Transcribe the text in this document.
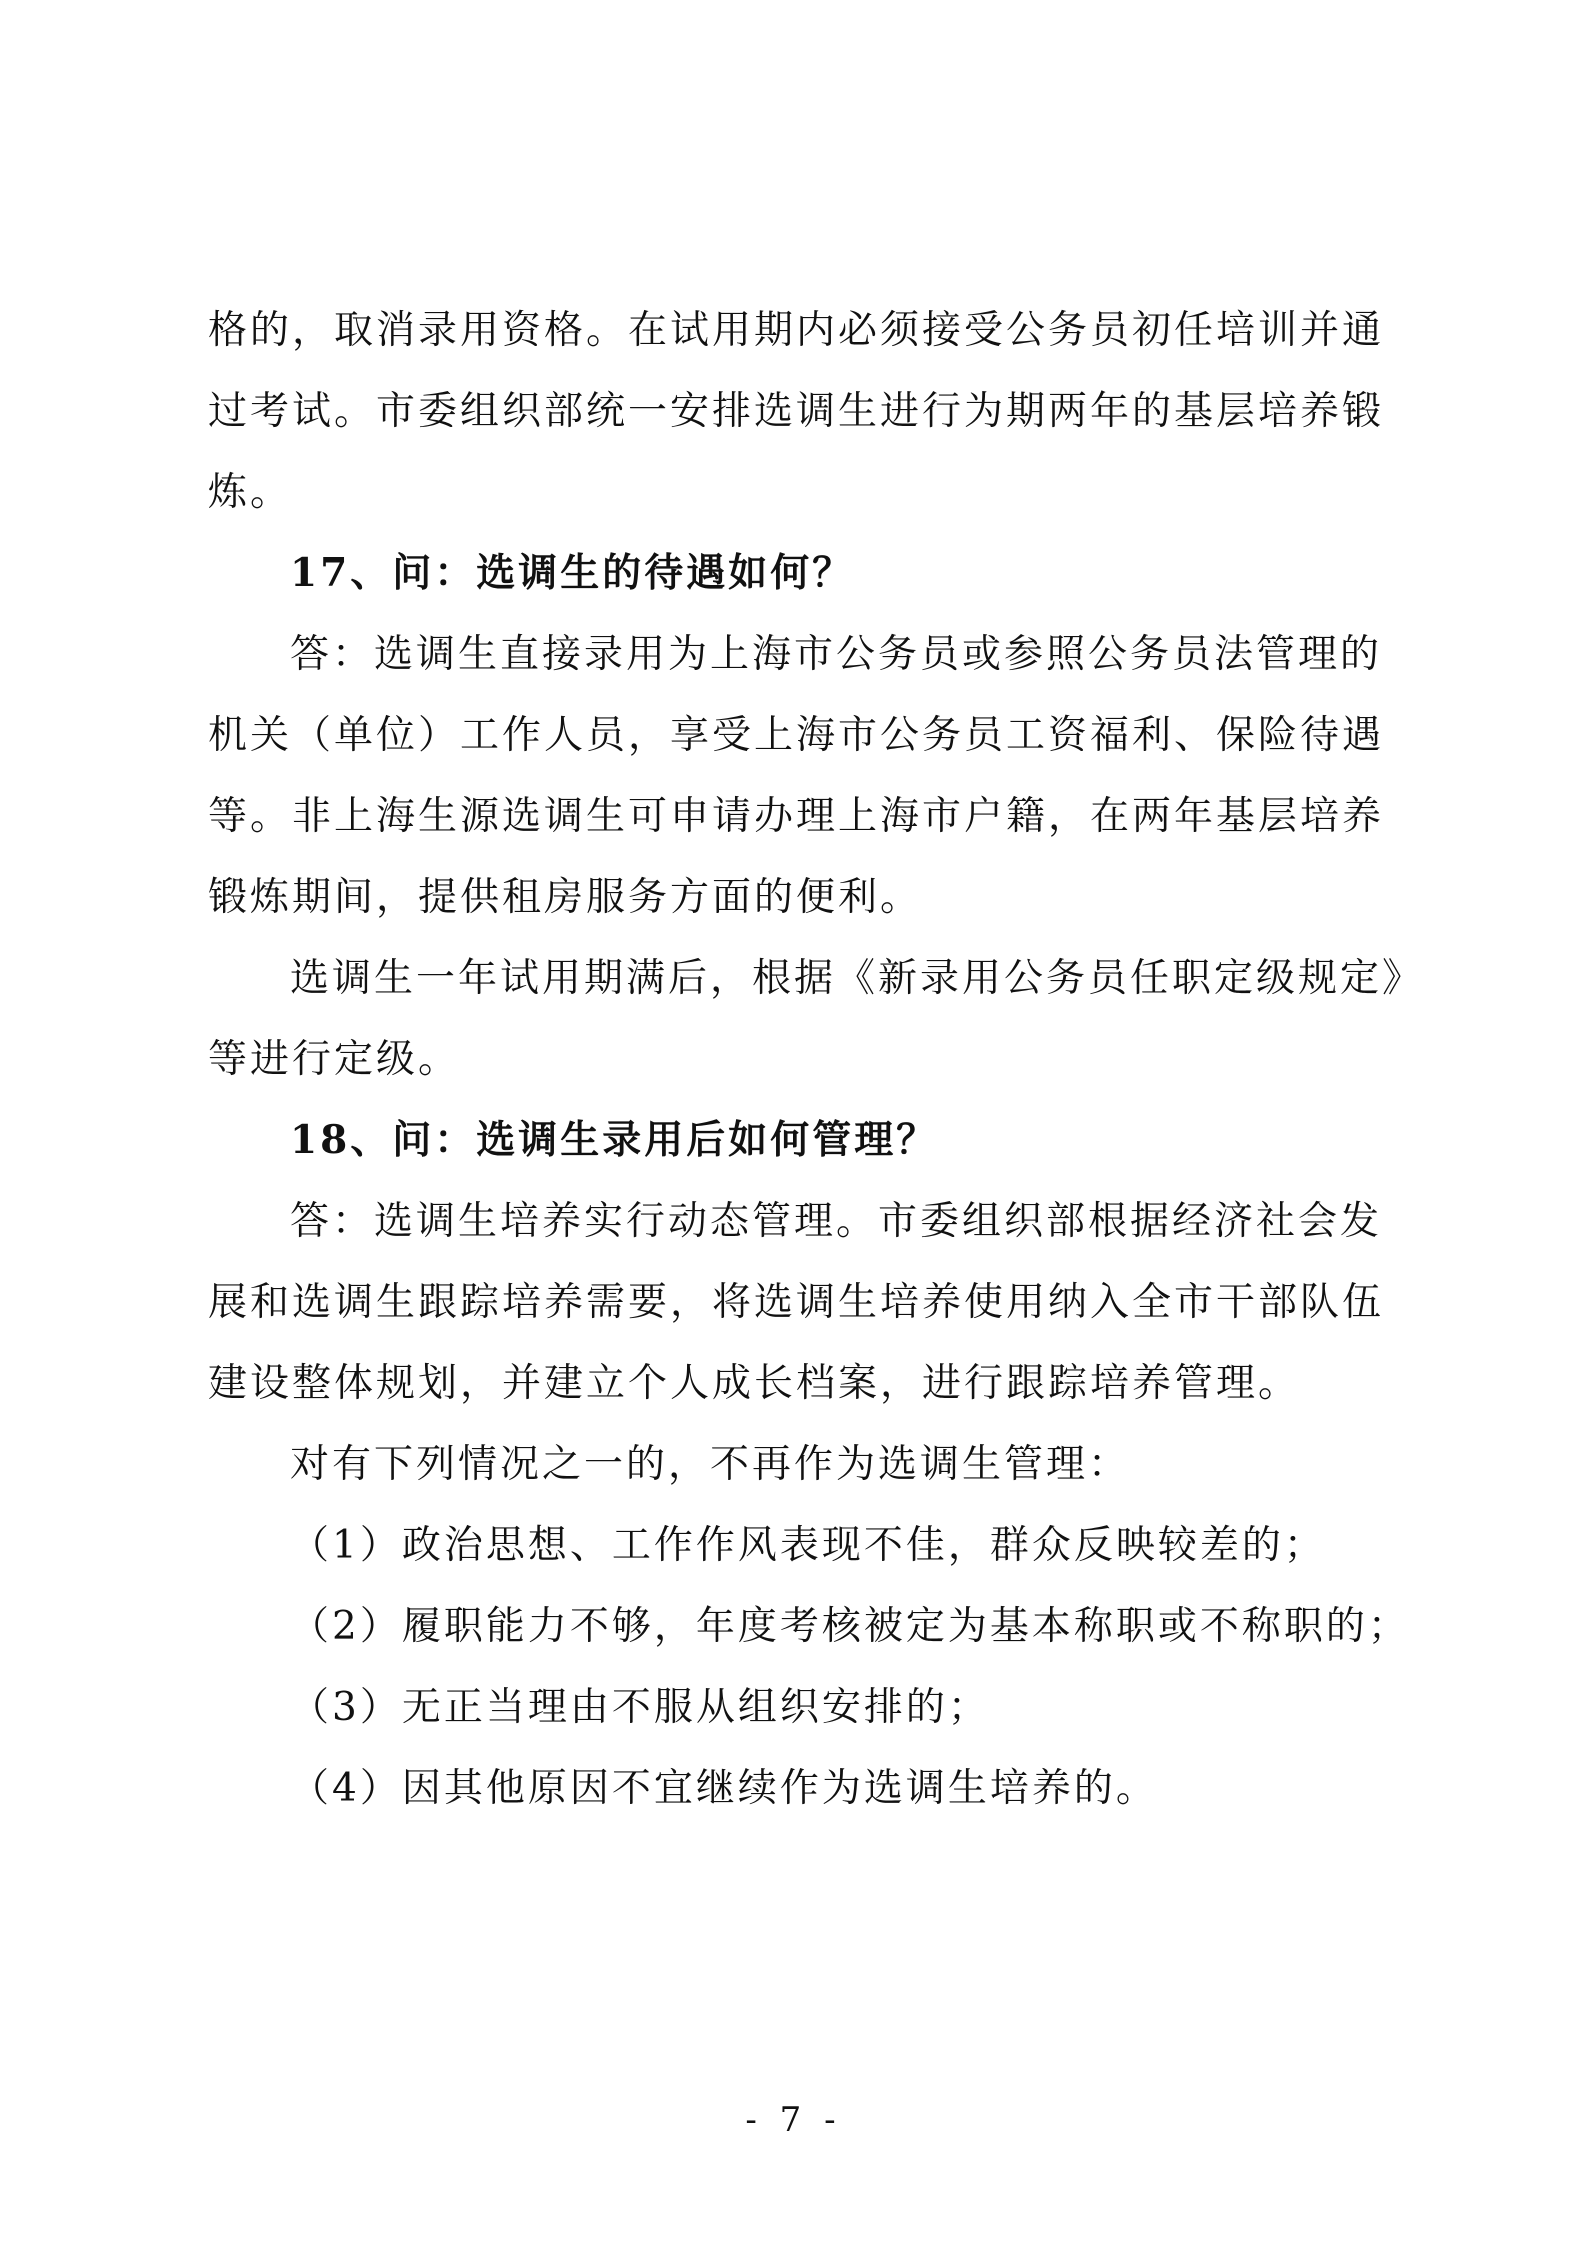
格的，取消录用资格。在试用期内必须接受公务员初任培训并通
过考试。市委组织部统一安排选调生进行为期两年的基层培养锻
炼。
17、问：选调生的待遇如何？
答：选调生直接录用为上海市公务员或参照公务员法管理的
机关（单位）工作人员，享受上海市公务员工资福利、保险待遇
等。非上海生源选调生可申请办理上海市户籍，在两年基层培养
锻炼期间，提供租房服务方面的便利。
选调生一年试用期满后，根据《新录用公务员任职定级规定》
等进行定级。
18、问：选调生录用后如何管理？
答：选调生培养实行动态管理。市委组织部根据经济社会发
展和选调生跟踪培养需要，将选调生培养使用纳入全市干部队伍
建设整体规划，并建立个人成长档案，进行跟踪培养管理。
对有下列情况之一的，不再作为选调生管理：
（1）政治思想、工作作风表现不佳，群众反映较差的；
（2）履职能力不够，年度考核被定为基本称职或不称职的；
（3）无正当理由不服从组织安排的；
（4）因其他原因不宜继续作为选调生培养的。
- 7 -
